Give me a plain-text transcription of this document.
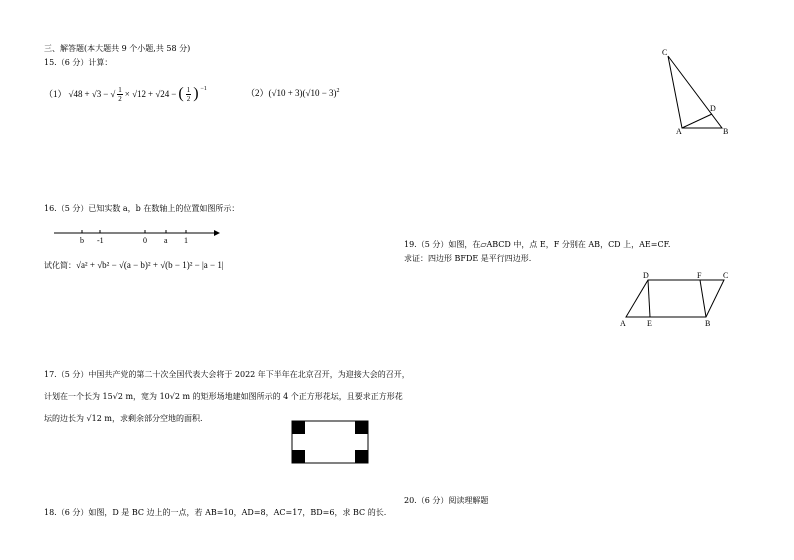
三、解答题(本大题共 9 个小题,共 58 分)
15.（6 分）计算：
（1） √48 + √3 − √ $\frac{1}{2} \times √12 + √24$ − ( $\frac{1}{2}$ ) $^{-1}$	$(2)(√10 + 3)(√10 - 3)^2$
16.（5 分）已知实数 a，b 在数轴上的位置如图所示：
b -1	0 a 1
试化简：√a² + √b² − √(a − b)² + √(b − 1)² − |a − 1|
17.（5 分）中国共产党的第二十次全国代表大会将于 2022 年下半年在北京召开，为迎接大会的召开，
计划在一个长为 15√2 m，宽为 10√2 m 的矩形场地建如图所示的 4 个正方形花坛，且要求正方形花
坛的边长为 √12 m，求剩余部分空地的面积.
18.（6 分）如图，D 是 BC 边上的一点，若 AB=10，AD=8，AC=17，BD=6，求 BC 的长.
C
D
A	B
19.（5 分）如图，在▱ABCD 中，点 E，F 分别在 AB，CD 上，AE=CF.
求证：四边形 BFDE 是平行四边形.
D	F	C
A	E	B
20.（6 分）阅读理解题
